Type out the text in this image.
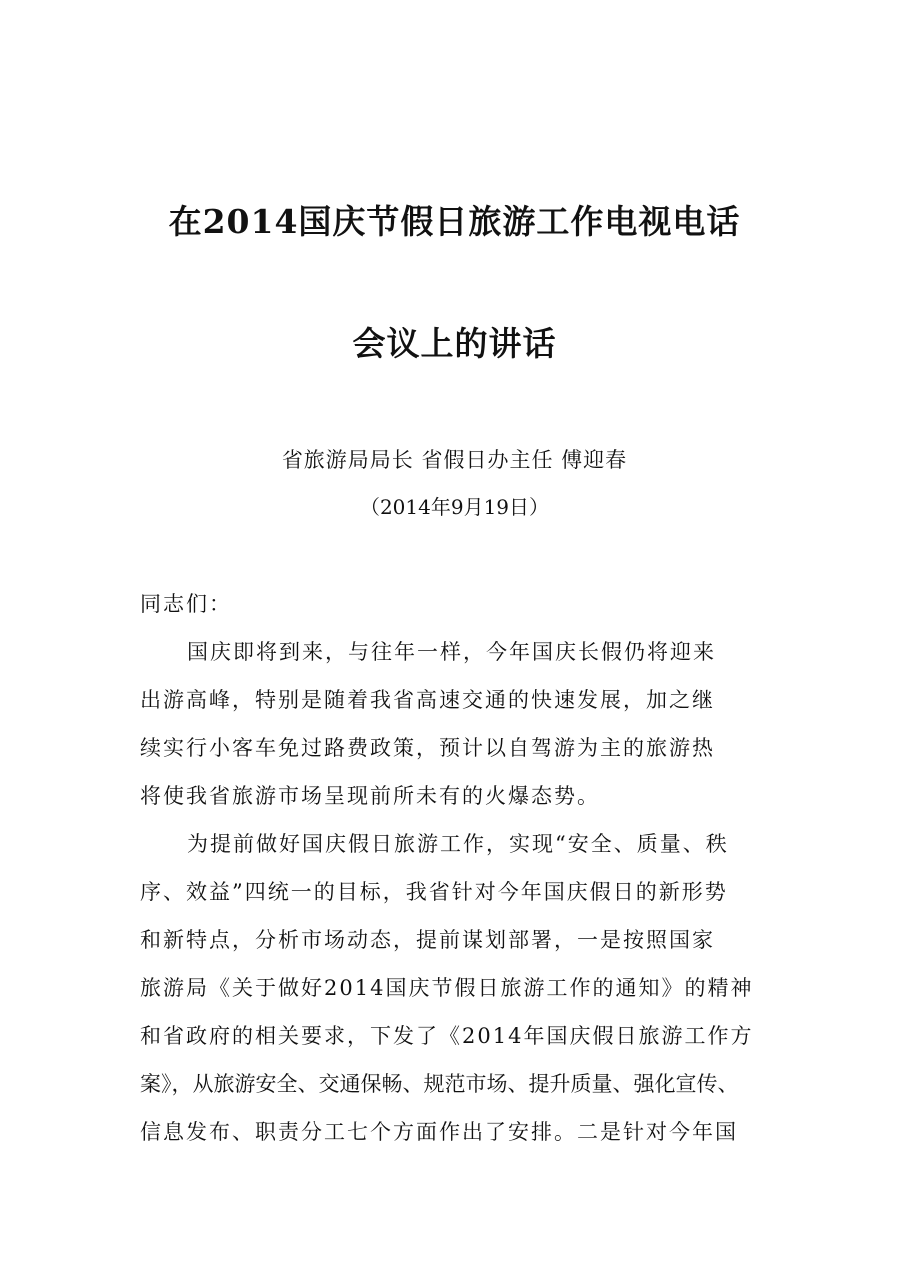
在2014国庆节假日旅游工作电视电话
会议上的讲话
省旅游局局长 省假日办主任 傅迎春
（2014年9月19日）
同志们：
国庆即将到来，与往年一样，今年国庆长假仍将迎来
出游高峰，特别是随着我省高速交通的快速发展，加之继
续实行小客车免过路费政策，预计以自驾游为主的旅游热
将使我省旅游市场呈现前所未有的火爆态势。
为提前做好国庆假日旅游工作，实现“安全、质量、秩
序、效益”四统一的目标，我省针对今年国庆假日的新形势
和新特点，分析市场动态，提前谋划部署，一是按照国家
旅游局《关于做好2014国庆节假日旅游工作的通知》的精神
和省政府的相关要求，下发了《2014年国庆假日旅游工作方
案》，从旅游安全、交通保畅、规范市场、提升质量、强化宣传、
信息发布、职责分工七个方面作出了安排。二是针对今年国
